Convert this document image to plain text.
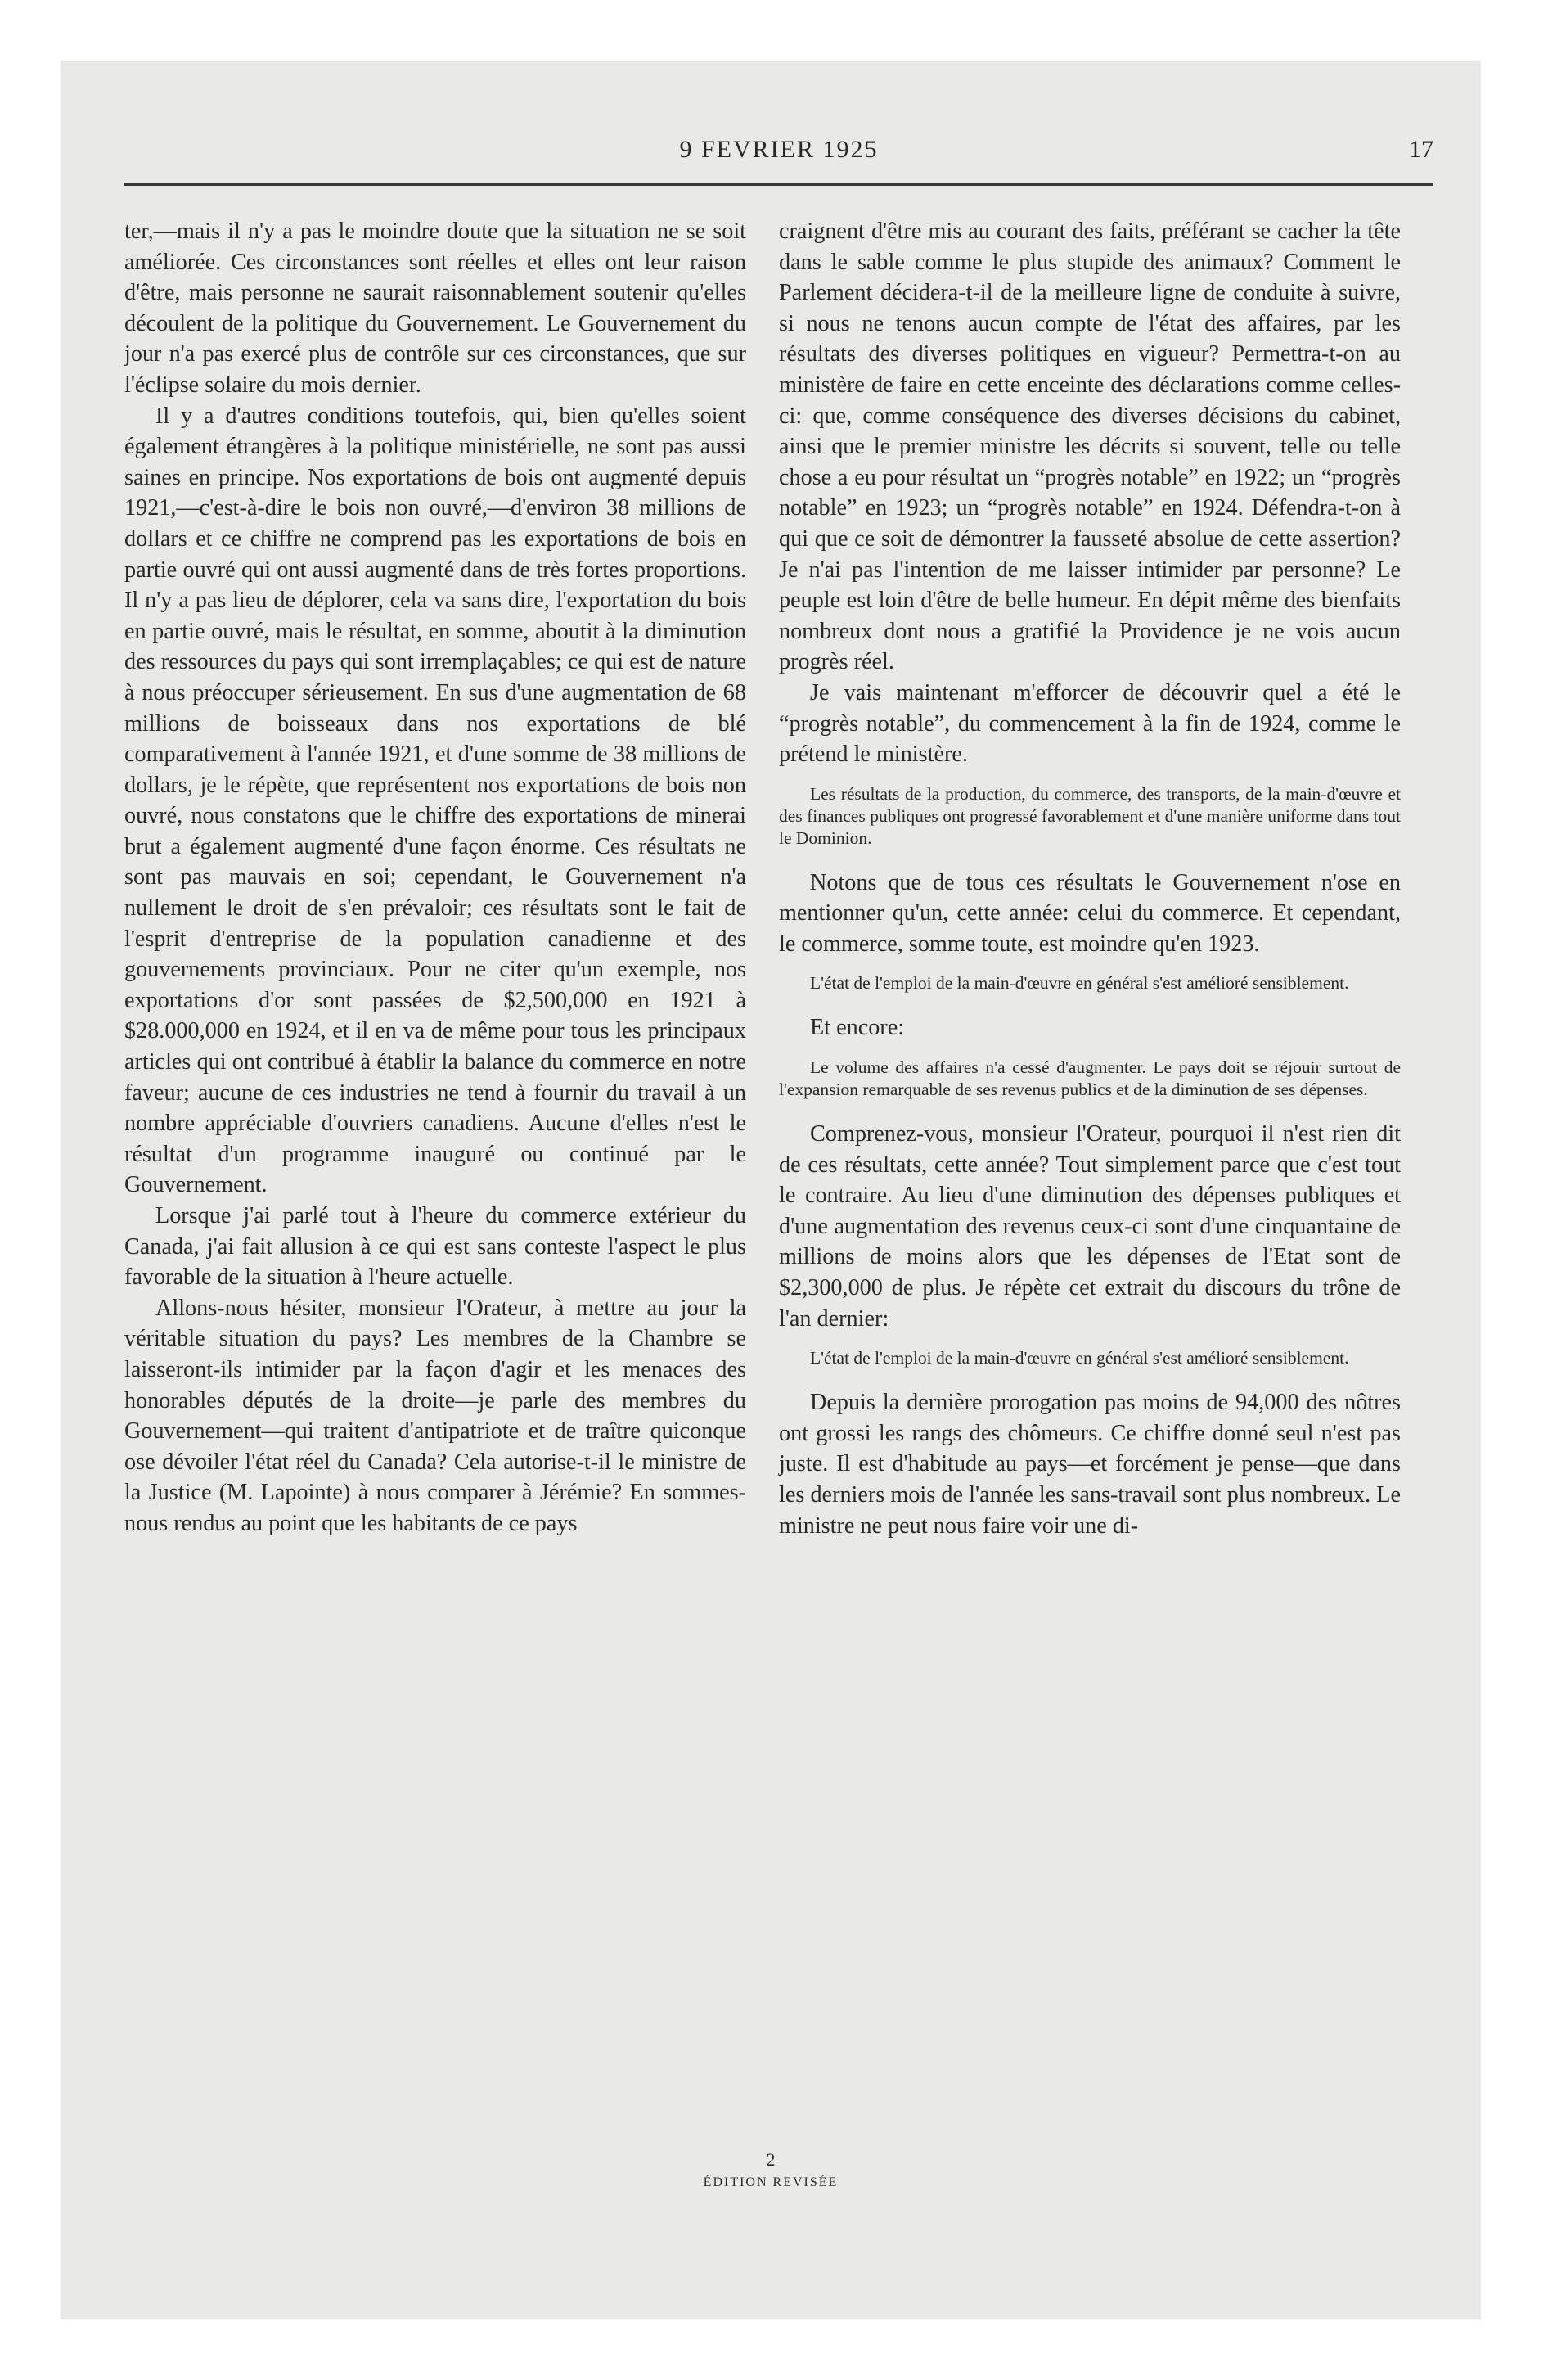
9 FEVRIER 1925	17

ter,—mais il n'y a pas le moindre doute que la situation ne se soit améliorée. Ces circonstances sont réelles et elles ont leur raison d'être, mais personne ne saurait raisonnablement soutenir qu'elles découlent de la politique du Gouvernement. Le Gouvernement du jour n'a pas exercé plus de contrôle sur ces circonstances, que sur l'éclipse solaire du mois dernier.

Il y a d'autres conditions toutefois, qui, bien qu'elles soient également étrangères à la politique ministérielle, ne sont pas aussi saines en principe. Nos exportations de bois ont augmenté depuis 1921,—c'est-à-dire le bois non ouvré,—d'environ 38 millions de dollars et ce chiffre ne comprend pas les exportations de bois en partie ouvré qui ont aussi augmenté dans de très fortes proportions. Il n'y a pas lieu de déplorer, cela va sans dire, l'exportation du bois en partie ouvré, mais le résultat, en somme, aboutit à la diminution des ressources du pays qui sont irremplaçables; ce qui est de nature à nous préoccuper sérieusement. En sus d'une augmentation de 68 millions de boisseaux dans nos exportations de blé comparativement à l'année 1921, et d'une somme de 38 millions de dollars, je le répète, que représentent nos exportations de bois non ouvré, nous constatons que le chiffre des exportations de minerai brut a également augmenté d'une façon énorme. Ces résultats ne sont pas mauvais en soi; cependant, le Gouvernement n'a nullement le droit de s'en prévaloir; ces résultats sont le fait de l'esprit d'entreprise de la population canadienne et des gouvernements provinciaux. Pour ne citer qu'un exemple, nos exportations d'or sont passées de $2,500,000 en 1921 à $28.000,000 en 1924, et il en va de même pour tous les principaux articles qui ont contribué à établir la balance du commerce en notre faveur; aucune de ces industries ne tend à fournir du travail à un nombre appréciable d'ouvriers canadiens. Aucune d'elles n'est le résultat d'un programme inauguré ou continué par le Gouvernement.

Lorsque j'ai parlé tout à l'heure du commerce extérieur du Canada, j'ai fait allusion à ce qui est sans conteste l'aspect le plus favorable de la situation à l'heure actuelle.

Allons-nous hésiter, monsieur l'Orateur, à mettre au jour la véritable situation du pays? Les membres de la Chambre se laisseront-ils intimider par la façon d'agir et les menaces des honorables députés de la droite—je parle des membres du Gouvernement—qui traitent d'antipatriote et de traître quiconque ose dévoiler l'état réel du Canada? Cela autorise-t-il le ministre de la Justice (M. Lapointe) à nous comparer à Jérémie? En sommes-nous rendus au point que les habitants de ce pays

craignent d'être mis au courant des faits, préférant se cacher la tête dans le sable comme le plus stupide des animaux? Comment le Parlement décidera-t-il de la meilleure ligne de conduite à suivre, si nous ne tenons aucun compte de l'état des affaires, par les résultats des diverses politiques en vigueur? Permettra-t-on au ministère de faire en cette enceinte des déclarations comme celles-ci: que, comme conséquence des diverses décisions du cabinet, ainsi que le premier ministre les décrits si souvent, telle ou telle chose a eu pour résultat un “progrès notable” en 1922; un “progrès notable” en 1923; un “progrès notable” en 1924. Défendra-t-on à qui que ce soit de démontrer la fausseté absolue de cette assertion? Je n'ai pas l'intention de me laisser intimider par personne? Le peuple est loin d'être de belle humeur. En dépit même des bienfaits nombreux dont nous a gratifié la Providence je ne vois aucun progrès réel.

Je vais maintenant m'efforcer de découvrir quel a été le “progrès notable”, du commencement à la fin de 1924, comme le prétend le ministère.

Les résultats de la production, du commerce, des transports, de la main-d'œuvre et des finances publiques ont progressé favorablement et d'une manière uniforme dans tout le Dominion.

Notons que de tous ces résultats le Gouvernement n'ose en mentionner qu'un, cette année: celui du commerce. Et cependant, le commerce, somme toute, est moindre qu'en 1923.

L'état de l'emploi de la main-d'œuvre en général s'est amélioré sensiblement.

Et encore:

Le volume des affaires n'a cessé d'augmenter. Le pays doit se réjouir surtout de l'expansion remarquable de ses revenus publics et de la diminution de ses dépenses.

Comprenez-vous, monsieur l'Orateur, pourquoi il n'est rien dit de ces résultats, cette année? Tout simplement parce que c'est tout le contraire. Au lieu d'une diminution des dépenses publiques et d'une augmentation des revenus ceux-ci sont d'une cinquantaine de millions de moins alors que les dépenses de l'Etat sont de $2,300,000 de plus. Je répète cet extrait du discours du trône de l'an dernier:

L'état de l'emploi de la main-d'œuvre en général s'est amélioré sensiblement.

Depuis la dernière prorogation pas moins de 94,000 des nôtres ont grossi les rangs des chômeurs. Ce chiffre donné seul n'est pas juste. Il est d'habitude au pays—et forcément je pense—que dans les derniers mois de l'année les sans-travail sont plus nombreux. Le ministre ne peut nous faire voir une di-

2
ÉDITION REVISÉE
